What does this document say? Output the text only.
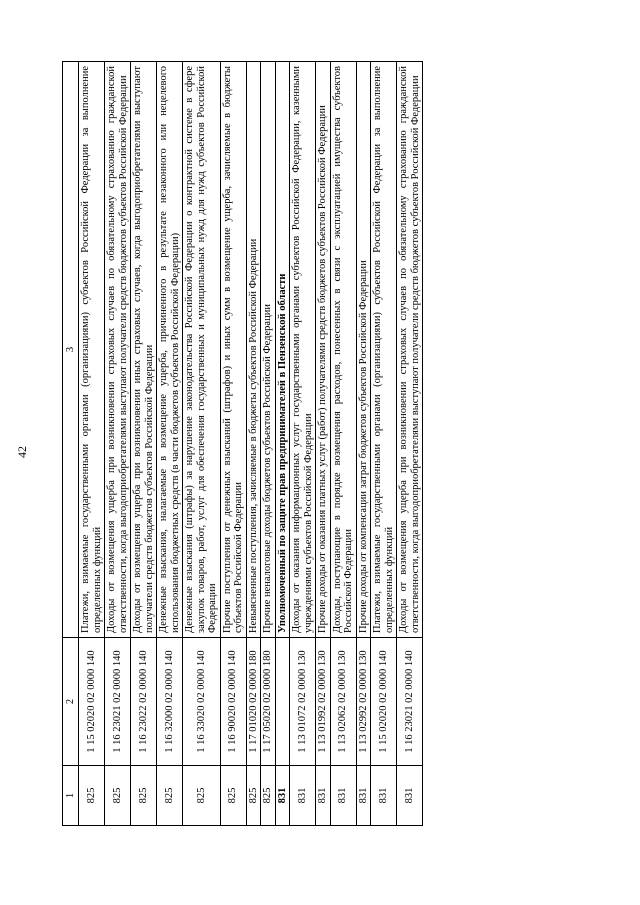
42
1	2	3
825	1 15 02020 02 0000 140	Платежи, взимаемые государственными органами (организациями) субъектов Российской Федерации за выполнение определенных функций
825	1 16 23021 02 0000 140	Доходы от возмещения ущерба при возникновении страховых случаев по обязательному страхованию гражданской ответственности, когда выгодоприобретателями выступают получатели средств бюджетов субъектов Российской Федерации
825	1 16 23022 02 0000 140	Доходы от возмещения ущерба при возникновении иных страховых случаев, когда выгодоприобретателями выступают получатели средств бюджетов субъектов Российской Федерации
825	1 16 32000 02 0000 140	Денежные взыскания, налагаемые в возмещение ущерба, причиненного в результате незаконного или нецелевого использования бюджетных средств (в части бюджетов субъектов Российской Федерации)
825	1 16 33020 02 0000 140	Денежные взыскания (штрафы) за нарушение законодательства Российской Федерации о контрактной системе в сфере закупок товаров, работ, услуг для обеспечения государственных и муниципальных нужд для нужд субъектов Российской Федерации
825	1 16 90020 02 0000 140	Прочие поступления от денежных взысканий (штрафов) и иных сумм в возмещение ущерба, зачисляемые в бюджеты субъектов Российской Федерации
825	1 17 01020 02 0000 180	Невыясненные поступления, зачисляемые в бюджеты субъектов Российской Федерации
825	1 17 05020 02 0000 180	Прочие неналоговые доходы бюджетов субъектов Российской Федерации
831		Уполномоченный по защите прав предпринимателей в Пензенской области
831	1 13 01072 02 0000 130	Доходы от оказания информационных услуг государственными органами субъектов Российской Федерации, казенными учреждениями субъектов Российской Федерации
831	1 13 01992 02 0000 130	Прочие доходы от оказания платных услуг (работ) получателями средств бюджетов субъектов Российской Федерации
831	1 13 02062 02 0000 130	Доходы, поступающие в порядке возмещения расходов, понесенных в связи с эксплуатацией имущества субъектов Российской Федерации
831	1 13 02992 02 0000 130	Прочие доходы от компенсации затрат бюджетов субъектов Российской Федерации
831	1 15 02020 02 0000 140	Платежи, взимаемые государственными органами (организациями) субъектов Российской Федерации за выполнение определенных функций
831	1 16 23021 02 0000 140	Доходы от возмещения ущерба при возникновении страховых случаев по обязательному страхованию гражданской ответственности, когда выгодоприобретателями выступают получатели средств бюджетов субъектов Российской Федерации
